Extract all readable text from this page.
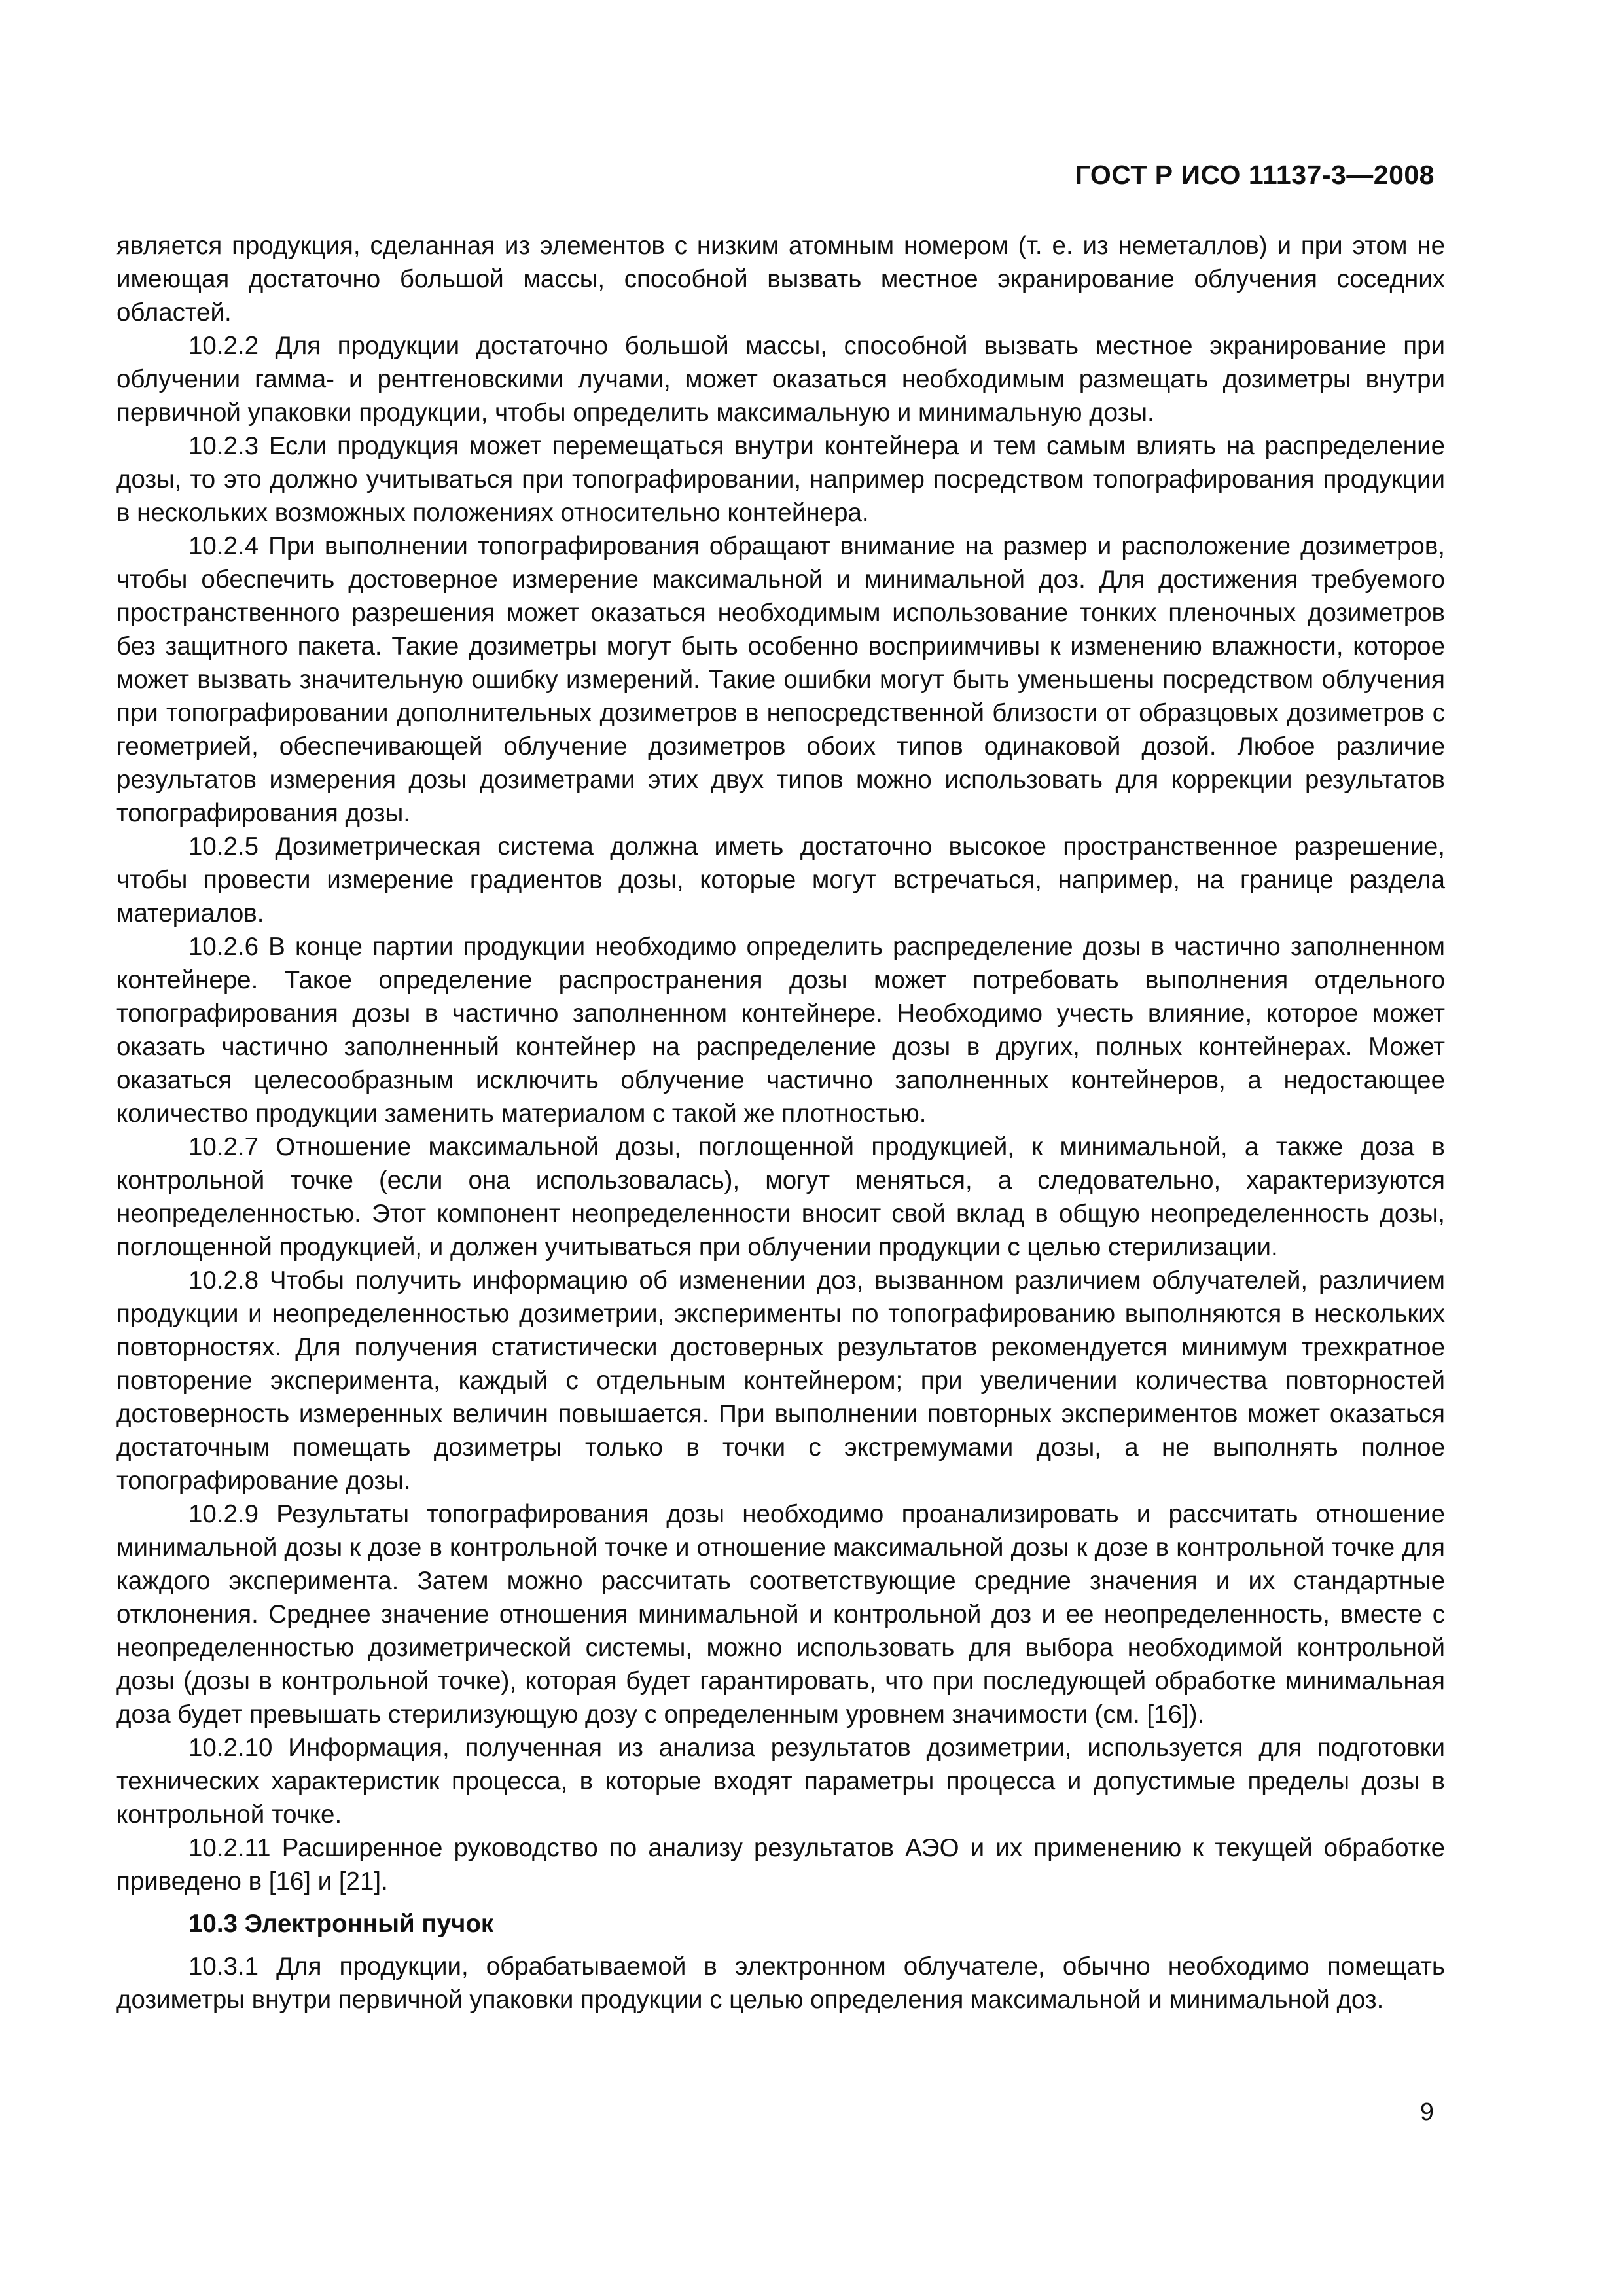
ГОСТ Р ИСО 11137-3—2008

является продукция, сделанная из элементов с низким атомным номером (т. е. из неметаллов) и при этом не имеющая достаточно большой массы, способной вызвать местное экранирование облучения соседних областей.

10.2.2 Для продукции достаточно большой массы, способной вызвать местное экранирование при облучении гамма- и рентгеновскими лучами, может оказаться необходимым размещать дозиметры внутри первичной упаковки продукции, чтобы определить максимальную и минимальную дозы.

10.2.3 Если продукция может перемещаться внутри контейнера и тем самым влиять на распределение дозы, то это должно учитываться при топографировании, например посредством топографирования продукции в нескольких возможных положениях относительно контейнера.

10.2.4 При выполнении топографирования обращают внимание на размер и расположение дозиметров, чтобы обеспечить достоверное измерение максимальной и минимальной доз. Для достижения требуемого пространственного разрешения может оказаться необходимым использование тонких пленочных дозиметров без защитного пакета. Такие дозиметры могут быть особенно восприимчивы к изменению влажности, которое может вызвать значительную ошибку измерений. Такие ошибки могут быть уменьшены посредством облучения при топографировании дополнительных дозиметров в непосредственной близости от образцовых дозиметров с геометрией, обеспечивающей облучение дозиметров обоих типов одинаковой дозой. Любое различие результатов измерения дозы дозиметрами этих двух типов можно использовать для коррекции результатов топографирования дозы.

10.2.5 Дозиметрическая система должна иметь достаточно высокое пространственное разрешение, чтобы провести измерение градиентов дозы, которые могут встречаться, например, на границе раздела материалов.

10.2.6 В конце партии продукции необходимо определить распределение дозы в частично заполненном контейнере. Такое определение распространения дозы может потребовать выполнения отдельного топографирования дозы в частично заполненном контейнере. Необходимо учесть влияние, которое может оказать частично заполненный контейнер на распределение дозы в других, полных контейнерах. Может оказаться целесообразным исключить облучение частично заполненных контейнеров, а недостающее количество продукции заменить материалом с такой же плотностью.

10.2.7 Отношение максимальной дозы, поглощенной продукцией, к минимальной, а также доза в контрольной точке (если она использовалась), могут меняться, а следовательно, характеризуются неопределенностью. Этот компонент неопределенности вносит свой вклад в общую неопределенность дозы, поглощенной продукцией, и должен учитываться при облучении продукции с целью стерилизации.

10.2.8 Чтобы получить информацию об изменении доз, вызванном различием облучателей, различием продукции и неопределенностью дозиметрии, эксперименты по топографированию выполняются в нескольких повторностях. Для получения статистически достоверных результатов рекомендуется минимум трехкратное повторение эксперимента, каждый с отдельным контейнером; при увеличении количества повторностей достоверность измеренных величин повышается. При выполнении повторных экспериментов может оказаться достаточным помещать дозиметры только в точки с экстремумами дозы, а не выполнять полное топографирование дозы.

10.2.9 Результаты топографирования дозы необходимо проанализировать и рассчитать отношение минимальной дозы к дозе в контрольной точке и отношение максимальной дозы к дозе в контрольной точке для каждого эксперимента. Затем можно рассчитать соответствующие средние значения и их стандартные отклонения. Среднее значение отношения минимальной и контрольной доз и ее неопределенность, вместе с неопределенностью дозиметрической системы, можно использовать для выбора необходимой контрольной дозы (дозы в контрольной точке), которая будет гарантировать, что при последующей обработке минимальная доза будет превышать стерилизующую дозу с определенным уровнем значимости (см. [16]).

10.2.10 Информация, полученная из анализа результатов дозиметрии, используется для подготовки технических характеристик процесса, в которые входят параметры процесса и допустимые пределы дозы в контрольной точке.

10.2.11 Расширенное руководство по анализу результатов АЭО и их применению к текущей обработке приведено в [16] и [21].

10.3 Электронный пучок

10.3.1 Для продукции, обрабатываемой в электронном облучателе, обычно необходимо помещать дозиметры внутри первичной упаковки продукции с целью определения максимальной и минимальной доз.

9
